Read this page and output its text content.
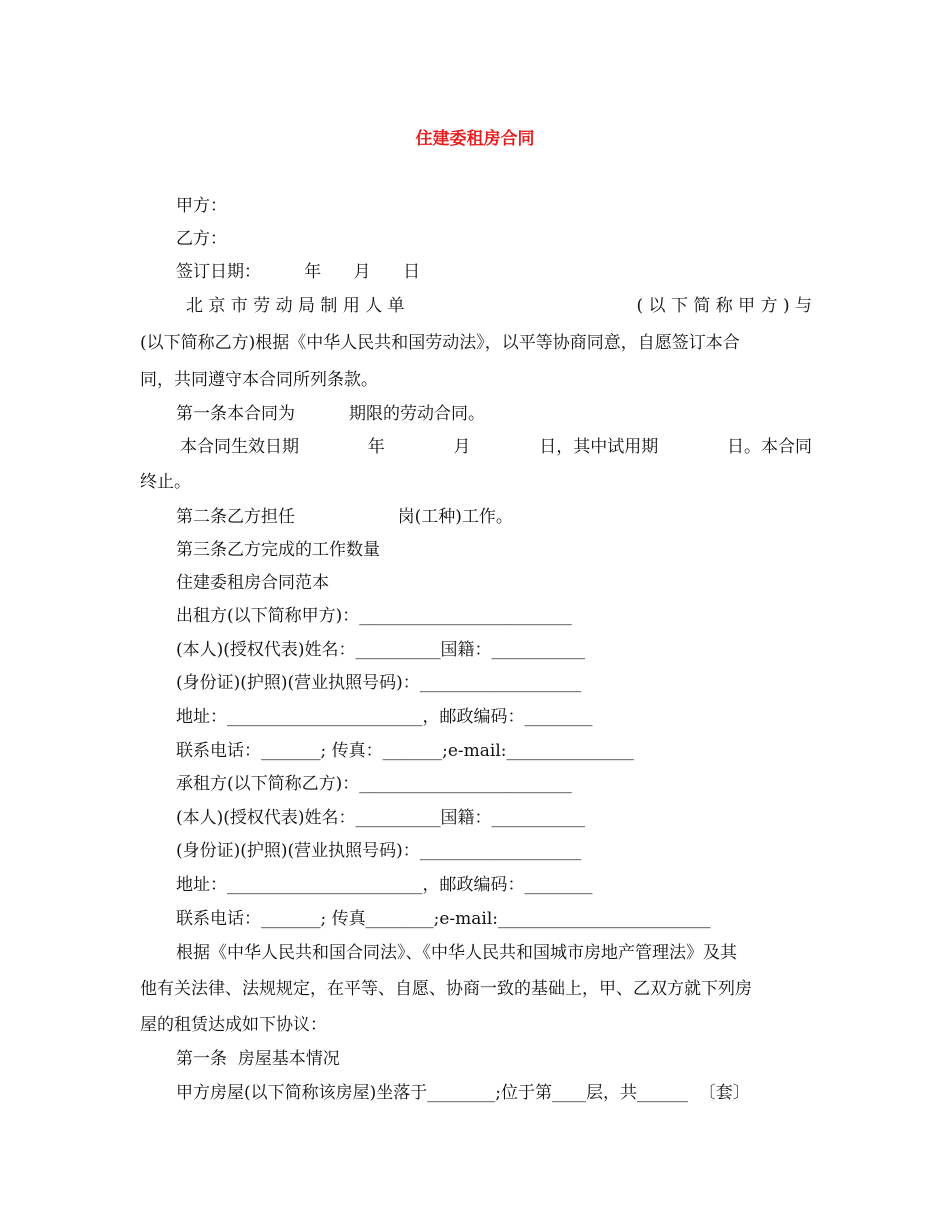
住建委租房合同
甲方：
乙方：
签订日期：        年      月      日
北 京 市 劳 动 局 制 用 人 单	( 以 下 简 称 甲 方 ) 与
(以下简称乙方)根据《中华人民共和国劳动法》，以平等协商同意，自愿签订本合
同，共同遵守本合同所列条款。
第一条本合同为          期限的劳动合同。
本合同生效日期	年	月	日，其中试用期	日。本合同
终止。
第二条乙方担任                   岗(工种)工作。
第三条乙方完成的工作数量
住建委租房合同范本
出租方(以下简称甲方)：_________________________
(本人)(授权代表)姓名：__________国籍：___________
(身份证)(护照)(营业执照号码)：___________________
地址：_______________________，邮政编码：________
联系电话：_______; 传真：_______;e-mail:_______________
承租方(以下简称乙方)：_________________________
(本人)(授权代表)姓名：__________国籍：___________
(身份证)(护照)(营业执照号码)：___________________
地址：_______________________，邮政编码：________
联系电话：_______; 传真________;e-mail:_________________________
根据《中华人民共和国合同法》、《中华人民共和国城市房地产管理法》及其
他有关法律、法规规定，在平等、自愿、协商一致的基础上，甲、乙双方就下列房
屋的租赁达成如下协议：
第一条  房屋基本情况
甲方房屋(以下简称该房屋)坐落于________;位于第____层，共______  〔套〕
